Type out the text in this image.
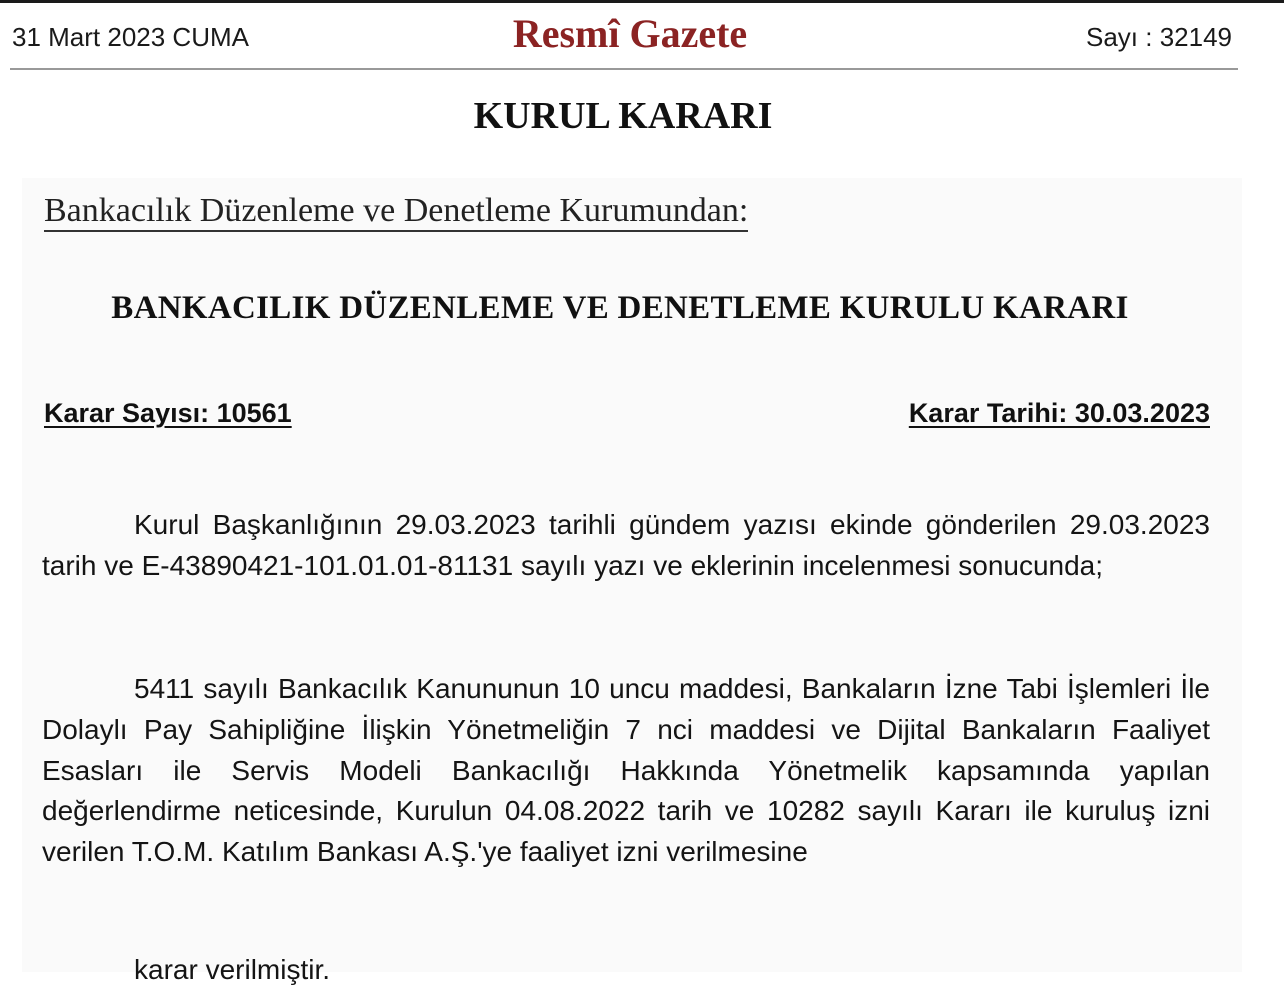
31 Mart 2023 CUMA	Resmî Gazete	Sayı : 32149
KURUL KARARI
Bankacılık Düzenleme ve Denetleme Kurumundan:
BANKACILIK DÜZENLEME VE DENETLEME KURULU KARARI
Karar Sayısı: 10561	Karar Tarihi: 30.03.2023
Kurul Başkanlığının 29.03.2023 tarihli gündem yazısı ekinde gönderilen 29.03.2023 tarih ve E-43890421-101.01.01-81131 sayılı yazı ve eklerinin incelenmesi sonucunda;
5411 sayılı Bankacılık Kanununun 10 uncu maddesi, Bankaların İzne Tabi İşlemleri İle Dolaylı Pay Sahipliğine İlişkin Yönetmeliğin 7 nci maddesi ve Dijital Bankaların Faaliyet Esasları ile Servis Modeli Bankacılığı Hakkında Yönetmelik kapsamında yapılan değerlendirme neticesinde, Kurulun 04.08.2022 tarih ve 10282 sayılı Kararı ile kuruluş izni verilen T.O.M. Katılım Bankası A.Ş.'ye faaliyet izni verilmesine
karar verilmiştir.
